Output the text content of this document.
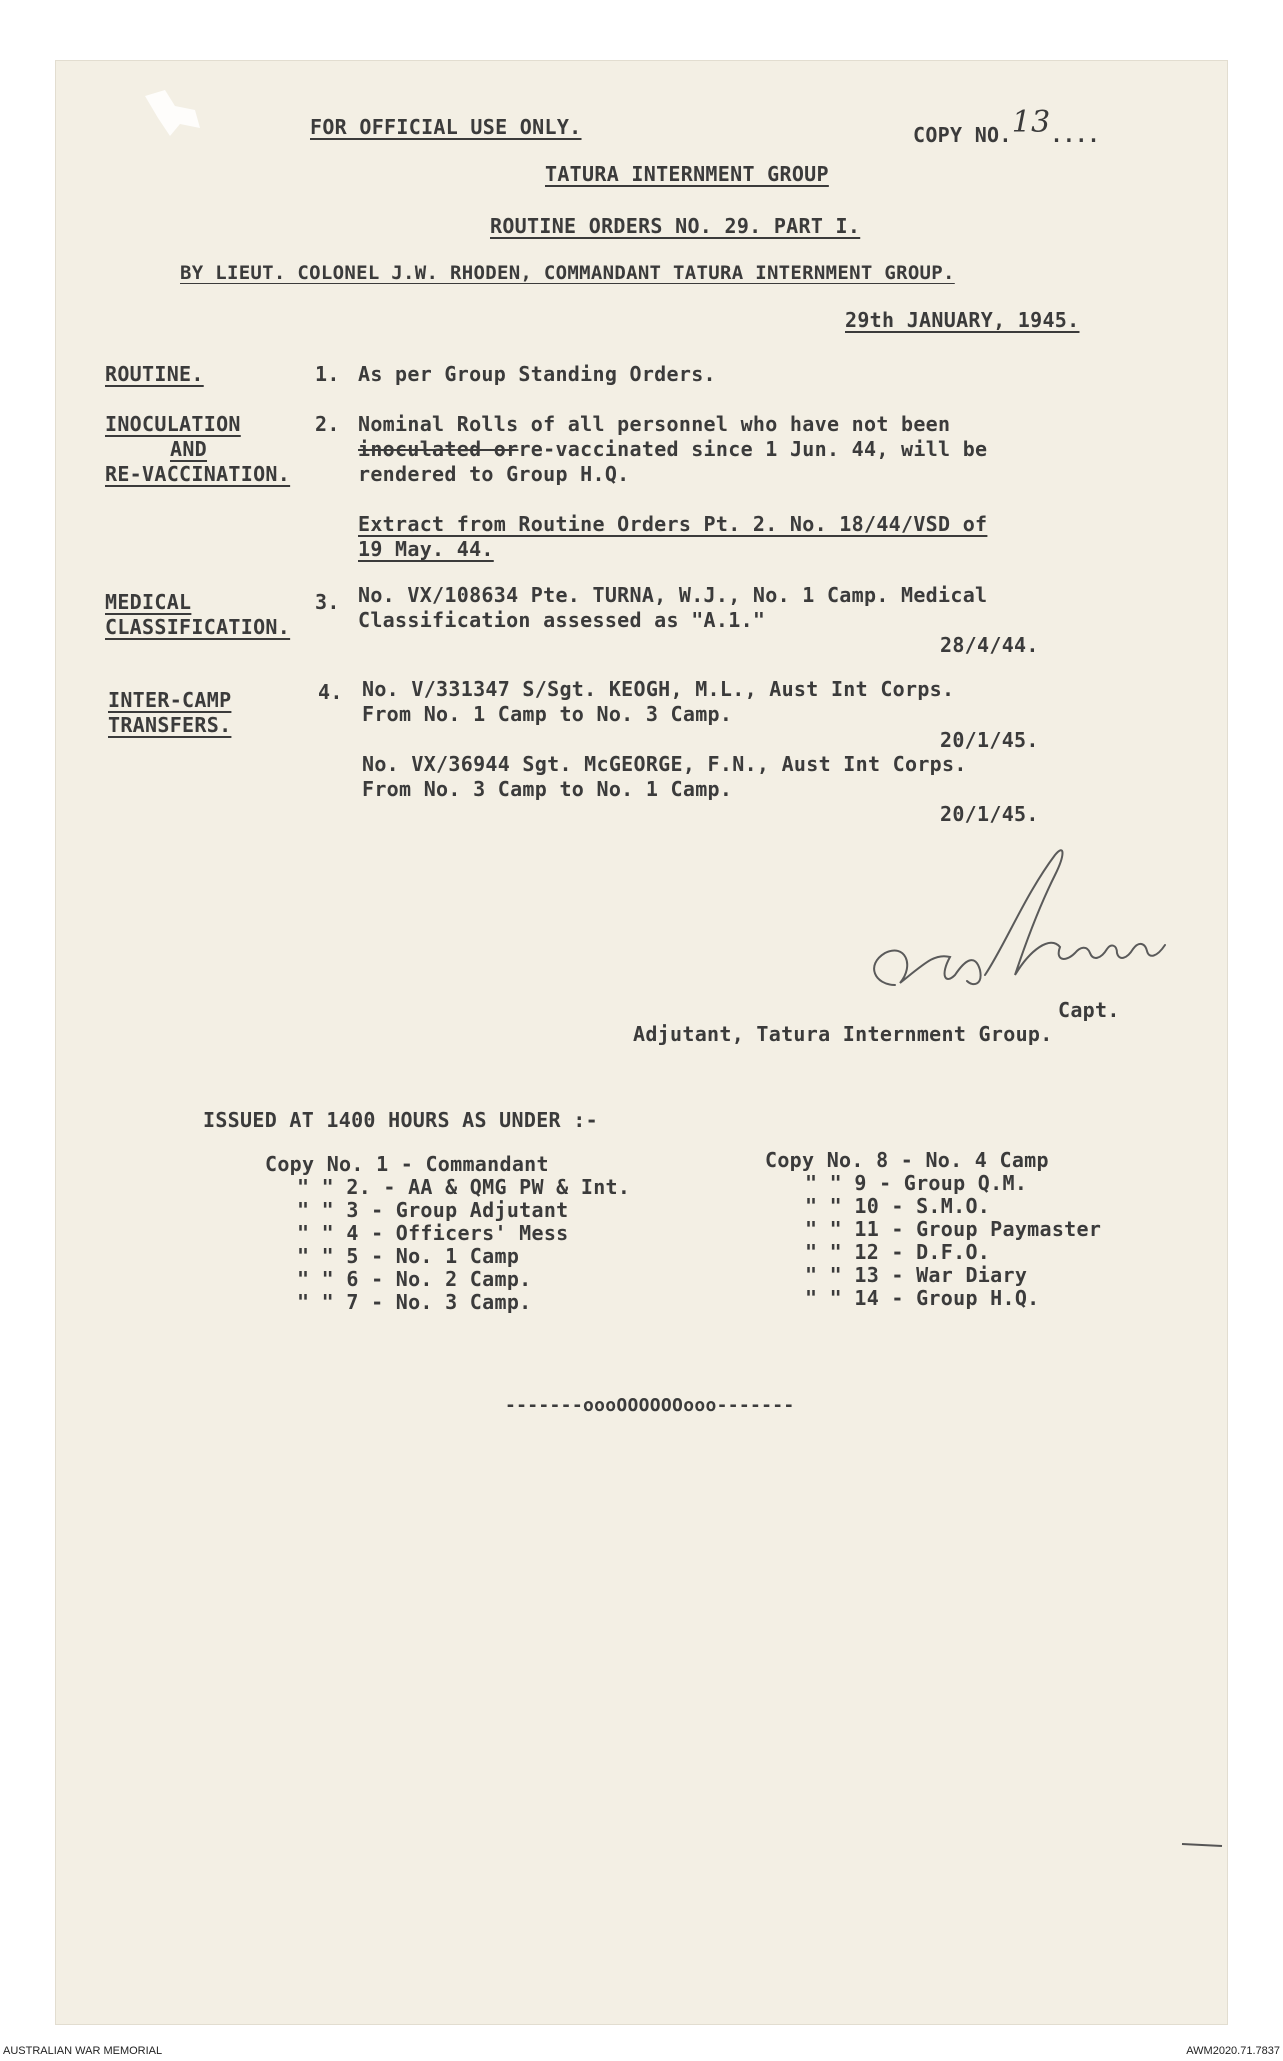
FOR OFFICIAL USE ONLY.	COPY NO.13....
TATURA INTERNMENT GROUP
ROUTINE ORDERS NO. 29. PART I.
BY LIEUT. COLONEL J.W. RHODEN, COMMANDANT TATURA INTERNMENT GROUP.
29th JANUARY, 1945.
ROUTINE.	1. As per Group Standing Orders.
INOCULATION
AND
RE-VACCINATION.
2. Nominal Rolls of all personnel who have not been
inoculated orre-vaccinated since 1 Jun. 44, will be
rendered to Group H.Q.
Extract from Routine Orders Pt. 2. No. 18/44/VSD of
19 May. 44.
MEDICAL
CLASSIFICATION.
3. No. VX/108634 Pte. TURNA, W.J., No. 1 Camp. Medical
Classification assessed as "A.1."
28/4/44.
INTER-CAMP
TRANSFERS.
4. No. V/331347 S/Sgt. KEOGH, M.L., Aust Int Corps.
From No. 1 Camp to No. 3 Camp.
20/1/45.
No. VX/36944 Sgt. McGEORGE, F.N., Aust Int Corps.
From No. 3 Camp to No. 1 Camp.
20/1/45.
Capt.
Adjutant, Tatura Internment Group.
ISSUED AT 1400 HOURS AS UNDER :-
Copy No. 1 - Commandant
" " 2. - AA & QMG PW & Int.
" " 3 - Group Adjutant
" " 4 - Officers' Mess
" " 5 - No. 1 Camp
" " 6 - No. 2 Camp.
" " 7 - No. 3 Camp.
Copy No. 8 - No. 4 Camp
" " 9 - Group Q.M.
" " 10 - S.M.O.
" " 11 - Group Paymaster
" " 12 - D.F.O.
" " 13 - War Diary
" " 14 - Group H.Q.
-------oooOOOOOOooo-------
AUSTRALIAN WAR MEMORIAL	AWM2020.71.7837
